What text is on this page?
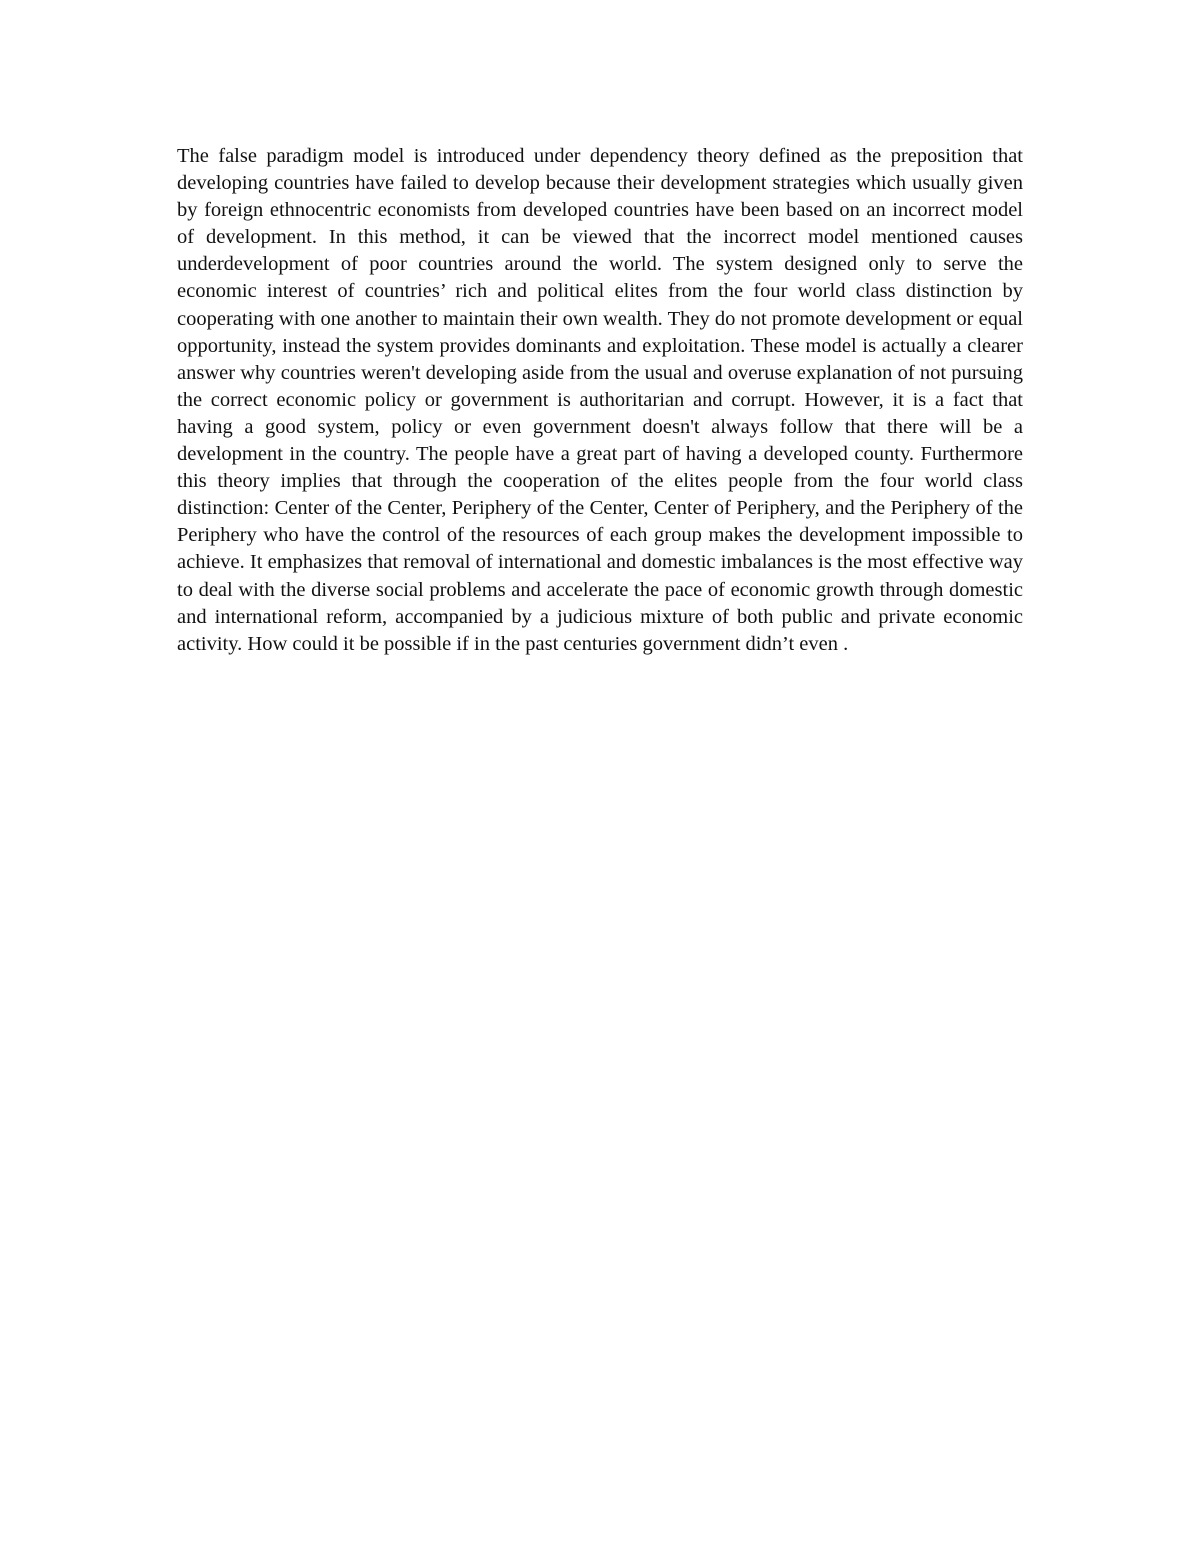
The false paradigm model is introduced under dependency theory defined as the preposition that developing countries have failed to develop because their development strategies which usually given by foreign ethnocentric economists from developed countries have been based on an incorrect model of development. In this method, it can be viewed that the incorrect model mentioned causes underdevelopment of poor countries around the world. The system designed only to serve the economic interest of countries’ rich and political elites from the four world class distinction by cooperating with one another to maintain their own wealth. They do not promote development or equal opportunity, instead the system provides dominants and exploitation. These model is actually a clearer answer why countries weren't developing aside from the usual and overuse explanation of not pursuing the correct economic policy or government is authoritarian and corrupt. However, it is a fact that having a good system, policy or even government doesn't always follow that there will be a development in the country. The people have a great part of having a developed county. Furthermore this theory implies that through the cooperation of the elites people from the four world class distinction: Center of the Center, Periphery of the Center, Center of Periphery, and the Periphery of the Periphery who have the control of the resources of each group makes the development impossible to achieve. It emphasizes that removal of international and domestic imbalances is the most effective way to deal with the diverse social problems and accelerate the pace of economic growth through domestic and international reform, accompanied by a judicious mixture of both public and private economic activity. How could it be possible if in the past centuries government didn’t even .
